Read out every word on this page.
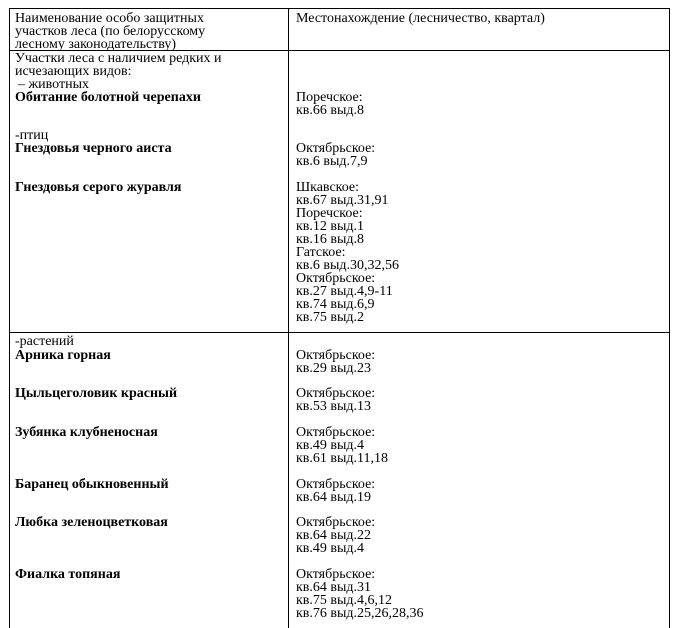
Наименование особо защитных
участков леса (по белорусскому
лесному законодательству)
Местонахождение (лесничество, квартал)
Участки леса с наличием редких и
исчезающих видов:
– животных
Обитание болотной черепахи	Поречское:
кв.66 выд.8
-птиц
Гнездовья черного аиста	Октябрьское:
кв.6 выд.7,9
Гнездовья серого журавля	Шкавское:
кв.67 выд.31,91
Поречское:
кв.12 выд.1
кв.16 выд.8
Гатское:
кв.6 выд.30,32,56
Октябрьское:
кв.27 выд.4,9-11
кв.74 выд.6,9
кв.75 выд.2
-растений
Арника горная	Октябрьское:
кв.29 выд.23
Цыльцеголовик красный	Октябрьское:
кв.53 выд.13
Зубянка клубненосная	Октябрьское:
кв.49 выд.4
кв.61 выд.11,18
Баранец обыкновенный	Октябрьское:
кв.64 выд.19
Любка зеленоцветковая	Октябрьское:
кв.64 выд.22
кв.49 выд.4
Фиалка топяная	Октябрьское:
кв.64 выд.31
кв.75 выд.4,6,12
кв.76 выд.25,26,28,36
